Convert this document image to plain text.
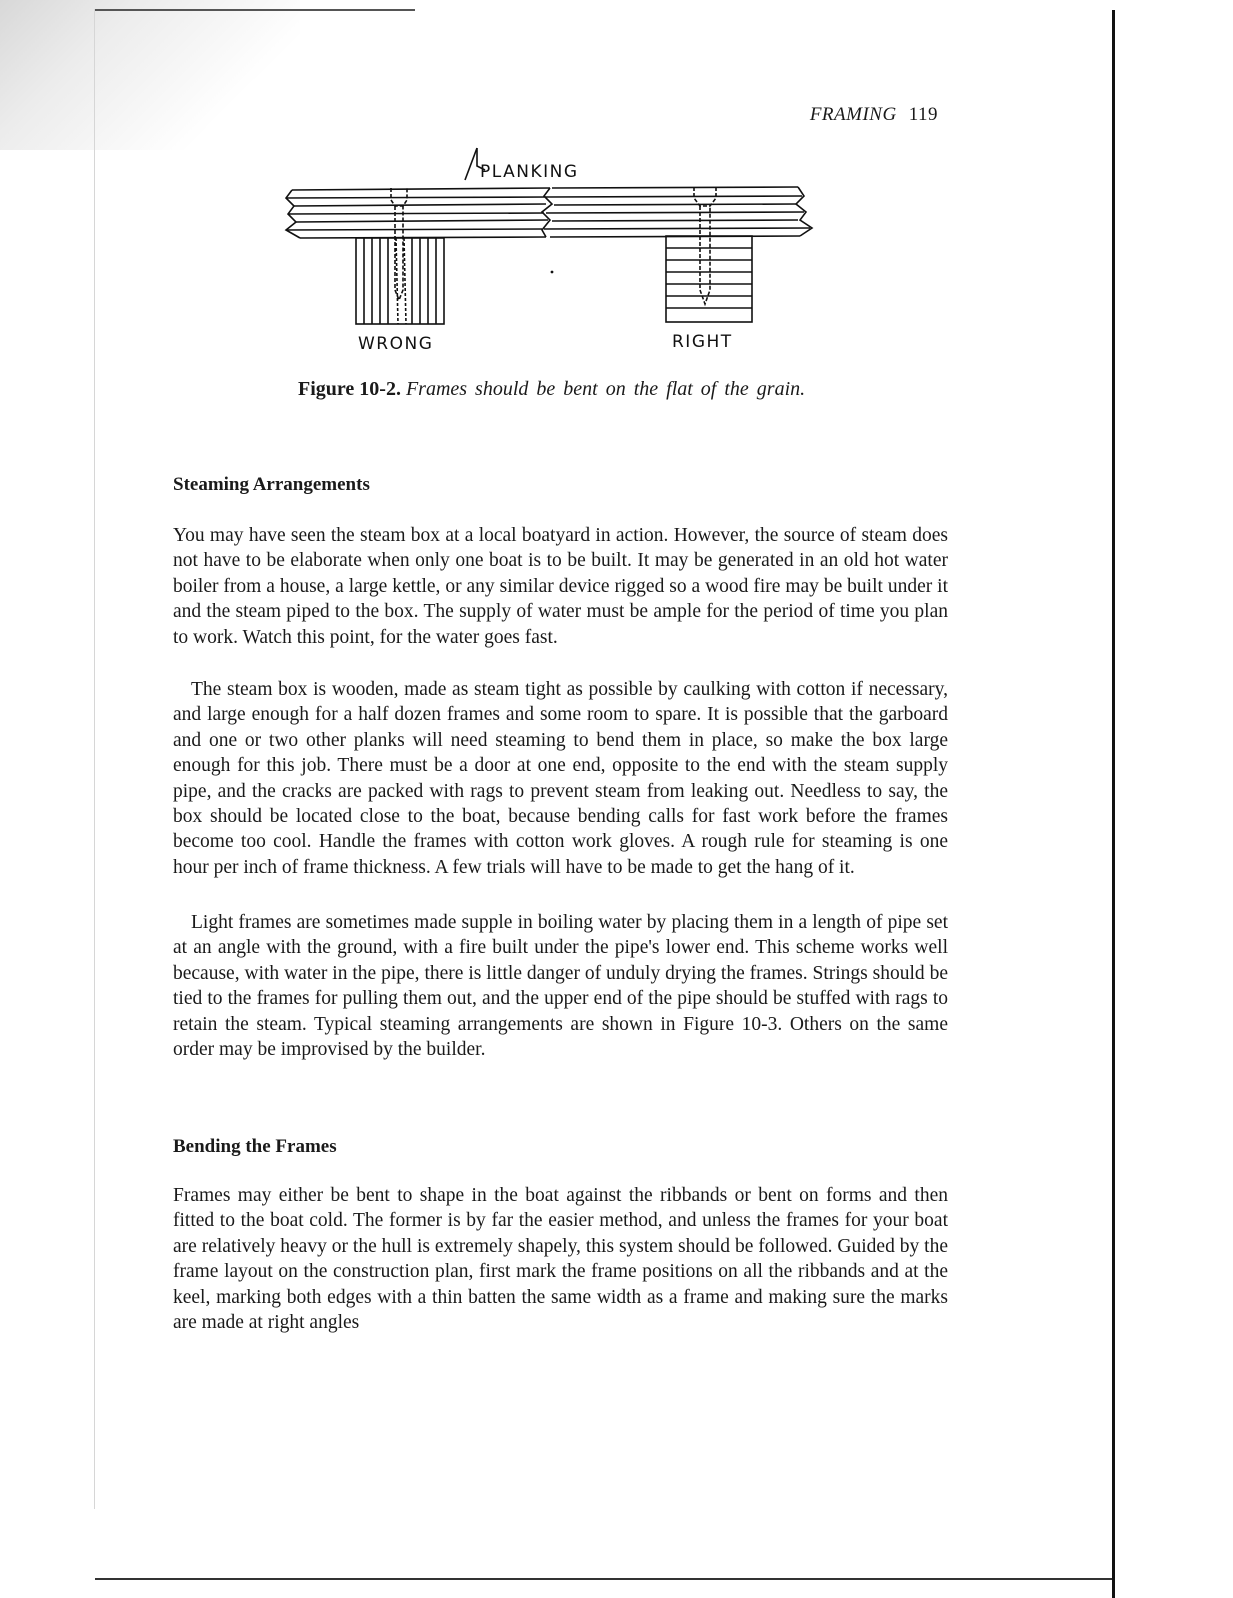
FRAMING 119
PLANKING
WRONG	RIGHT
Figure 10-2. Frames should be bent on the flat of the grain.
Steaming Arrangements

You may have seen the steam box at a local boatyard in action. However, the source of steam does not have to be elaborate when only one boat is to be built. It may be generated in an old hot water boiler from a house, a large kettle, or any similar device rigged so a wood fire may be built under it and the steam piped to the box. The supply of water must be ample for the period of time you plan to work. Watch this point, for the water goes fast.

The steam box is wooden, made as steam tight as possible by caulking with cotton if necessary, and large enough for a half dozen frames and some room to spare. It is possible that the garboard and one or two other planks will need steaming to bend them in place, so make the box large enough for this job. There must be a door at one end, opposite to the end with the steam supply pipe, and the cracks are packed with rags to prevent steam from leaking out. Needless to say, the box should be located close to the boat, because bending calls for fast work before the frames become too cool. Handle the frames with cotton work gloves. A rough rule for steaming is one hour per inch of frame thickness. A few trials will have to be made to get the hang of it.

Light frames are sometimes made supple in boiling water by placing them in a length of pipe set at an angle with the ground, with a fire built under the pipe's lower end. This scheme works well because, with water in the pipe, there is little danger of unduly drying the frames. Strings should be tied to the frames for pulling them out, and the upper end of the pipe should be stuffed with rags to retain the steam. Typical steaming arrangements are shown in Figure 10-3. Others on the same order may be improvised by the builder.

Bending the Frames

Frames may either be bent to shape in the boat against the ribbands or bent on forms and then fitted to the boat cold. The former is by far the easier method, and unless the frames for your boat are relatively heavy or the hull is extremely shapely, this system should be followed. Guided by the frame layout on the construction plan, first mark the frame positions on all the ribbands and at the keel, marking both edges with a thin batten the same width as a frame and making sure the marks are made at right angles
